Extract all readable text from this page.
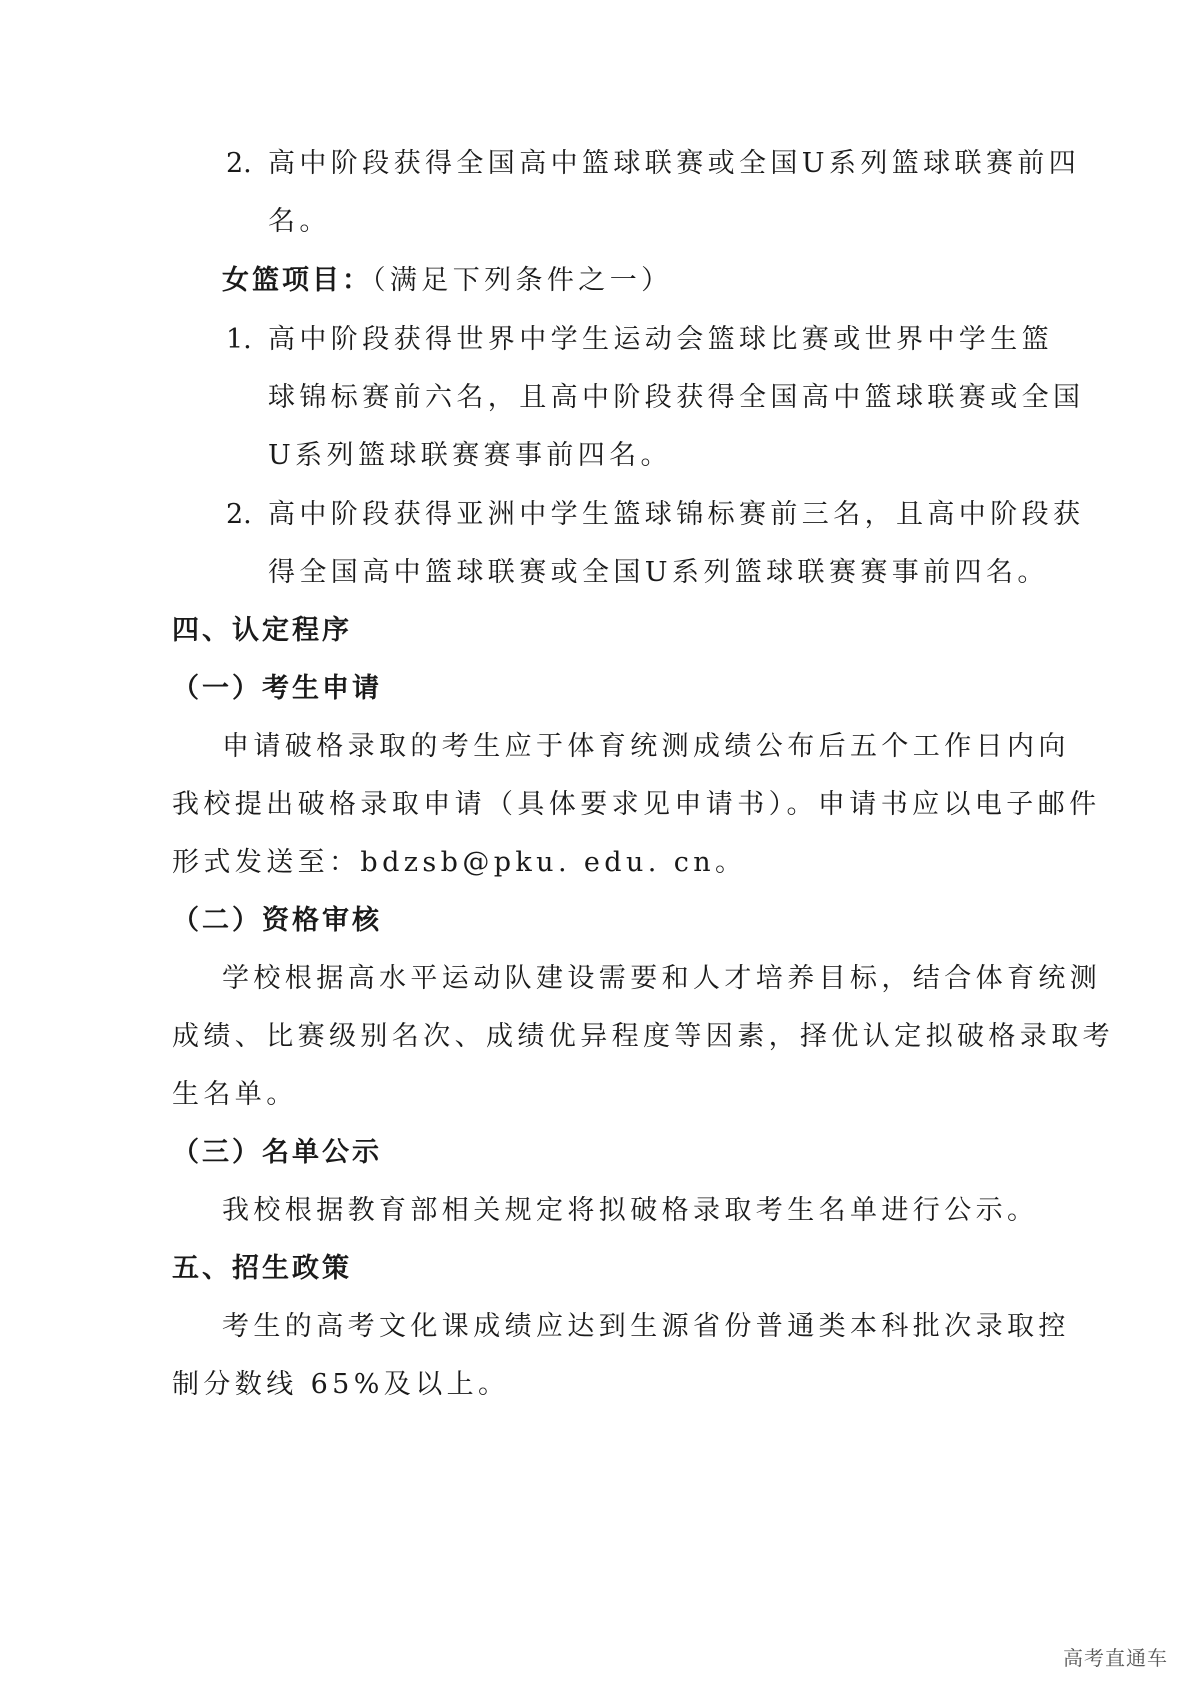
2. 高中阶段获得全国高中篮球联赛或全国U系列篮球联赛前四

名。

女篮项目：（满足下列条件之一）

1. 高中阶段获得世界中学生运动会篮球比赛或世界中学生篮

球锦标赛前六名，且高中阶段获得全国高中篮球联赛或全国

U系列篮球联赛赛事前四名。

2. 高中阶段获得亚洲中学生篮球锦标赛前三名，且高中阶段获

得全国高中篮球联赛或全国U系列篮球联赛赛事前四名。

四、认定程序

（一）考生申请

申请破格录取的考生应于体育统测成绩公布后五个工作日内向

我校提出破格录取申请（具体要求见申请书）。申请书应以电子邮件

形式发送至：bdzsb@pku. edu. cn。

（二）资格审核

学校根据高水平运动队建设需要和人才培养目标，结合体育统测

成绩、比赛级别名次、成绩优异程度等因素，择优认定拟破格录取考

生名单。

（三）名单公示

我校根据教育部相关规定将拟破格录取考生名单进行公示。

五、招生政策

考生的高考文化课成绩应达到生源省份普通类本科批次录取控

制分数线 65%及以上。

高考直通车
